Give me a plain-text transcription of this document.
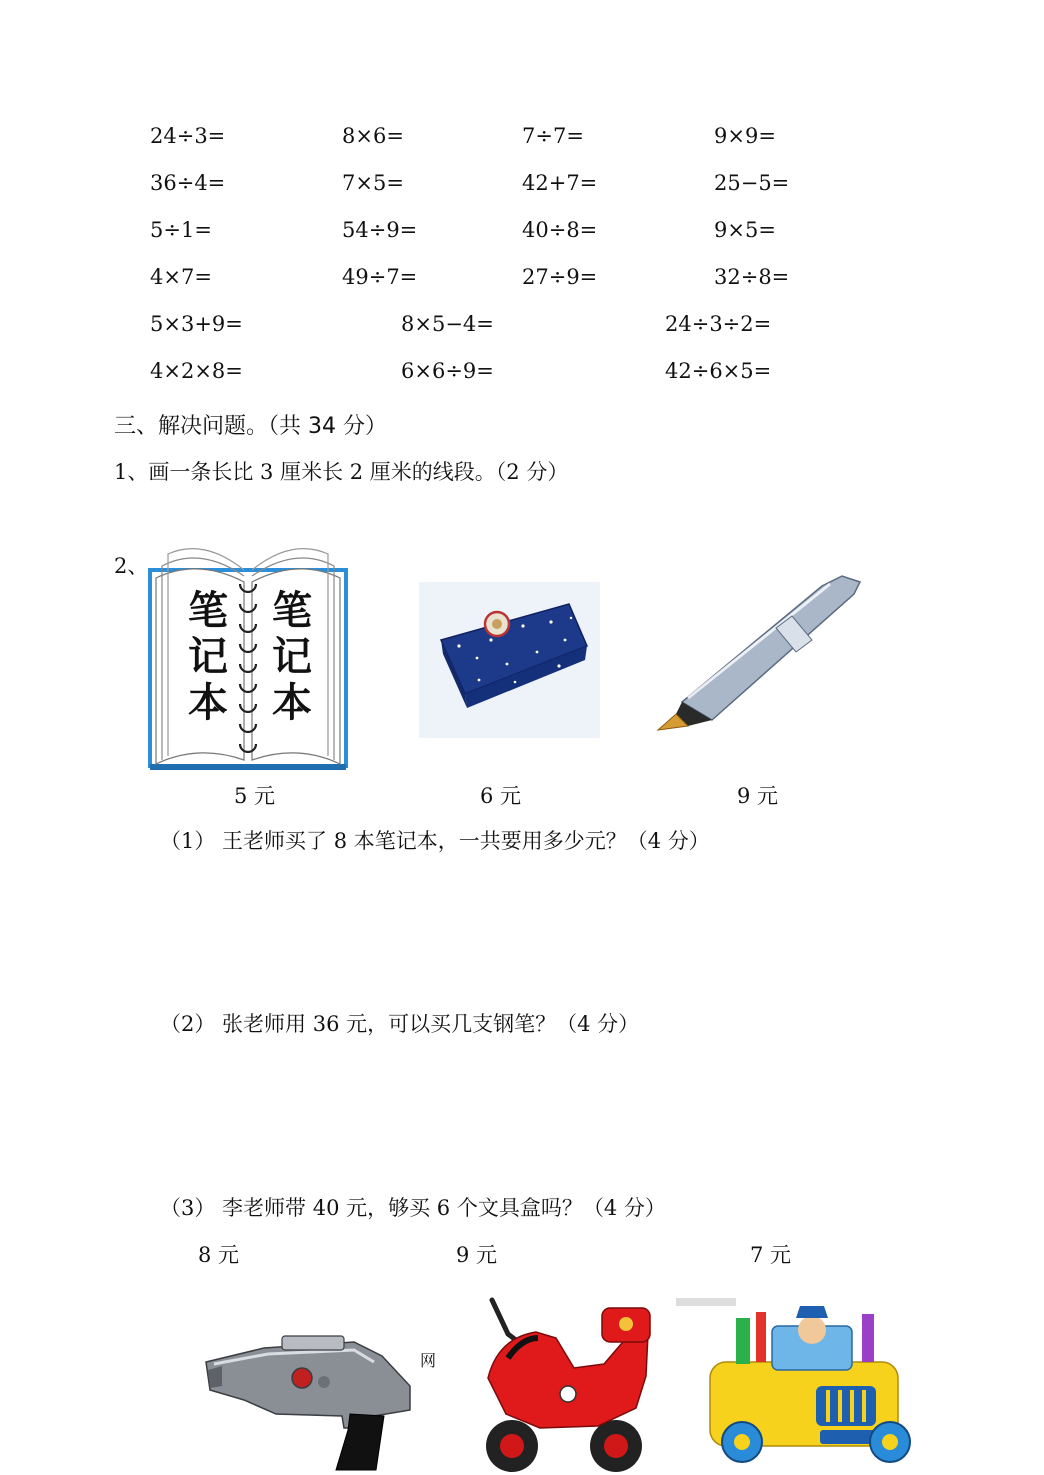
24÷3=	8×6=	7÷7=	9×9=
36÷4=	7×5=	42+7=	25−5=
5÷1=	54÷9=	40÷8=	9×5=
4×7=	49÷7=	27÷9=	32÷8=
5×3+9=	8×5−4=	24÷3÷2=
4×2×8=	6×6÷9=	42÷6×5=
三、解决问题。（共 34 分）
1、画一条长比 3 厘米长 2 厘米的线段。（2 分）
2、
笔
记
本
笔
记
本
5 元	6 元	9 元
（1） 王老师买了 8 本笔记本，一共要用多少元？（4 分）
（2） 张老师用 36 元，可以买几支钢笔？（4 分）
（3） 李老师带 40 元，够买 6 个文具盒吗？（4 分）
8 元	9 元	7 元
网
